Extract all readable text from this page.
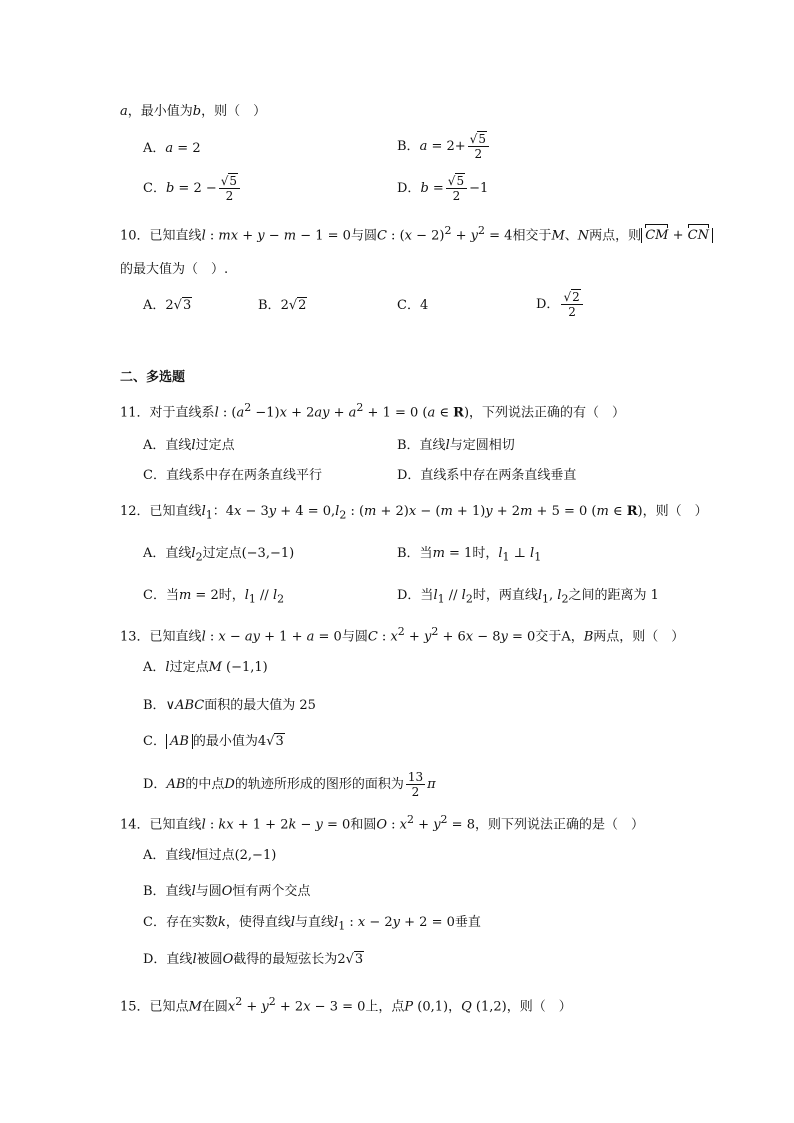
a，最小值为b，则（　）
A．a = 2	B．$a = 2+ \frac{√5}{2}$
C．$b = 2 - \frac{√5}{2}$	D．$b = \frac{√5}{2} -1$
10．已知直线l : mx + y − m − 1 = 0与圆C : $(x - 2)^2 + y^2 = 4$相交于M、N两点，则 CM + CN
的最大值为（　）.
A．2√3	B．2√2	C．4	D． $\frac{√2}{2}$
二、多选题
11．对于直线系l : $(a^2 -1)x + 2ay + a^2 + 1 = 0$ (a ∈ R)，下列说法正确的有（　）
A．直线l过定点	B．直线l与定圆相切
C．直线系中存在两条直线平行	D．直线系中存在两条直线垂直
12．已知直线$l_1$：$4x - 3y + 4 = 0,l_2$ : (m + 2)x − (m + 1)y + 2m + 5 = 0 (m ∈ R)，则（　）
A．直线$l_2$过定点(−3,−1)	B．当m = 1时，$l_1$ ⊥ $l_1$
C．当m = 2时，$l_1 // l_2$	D．当$l_1 // l_2$时，两直线$l_1$, $l_2$之间的距离为 1
13．已知直线l : x − ay + 1 + a = 0与圆C : $x^2 + y^2 + 6x - 8y = 0$交于A，B两点，则（　）
A．l过定点M (−1,1)
B．∨ABC面积的最大值为 25
C． AB 的最小值为4√3
D．AB的中点D的轨迹所形成的图形的面积为 $\frac{13}{2}$ π
14．已知直线l : kx + 1 + 2k − y = 0和圆O : $x^2 + y^2 = 8$，则下列说法正确的是（　）
A．直线l恒过点(2,−1)
B．直线l与圆O恒有两个交点
C．存在实数k，使得直线l与直线$l_1$ : x − 2y + 2 = 0垂直
D．直线l被圆O截得的最短弦长为2√3
15．已知点M在圆$x^2 + y^2 + 2x - 3 = 0$上，点P (0,1)，Q (1,2)，则（　）
